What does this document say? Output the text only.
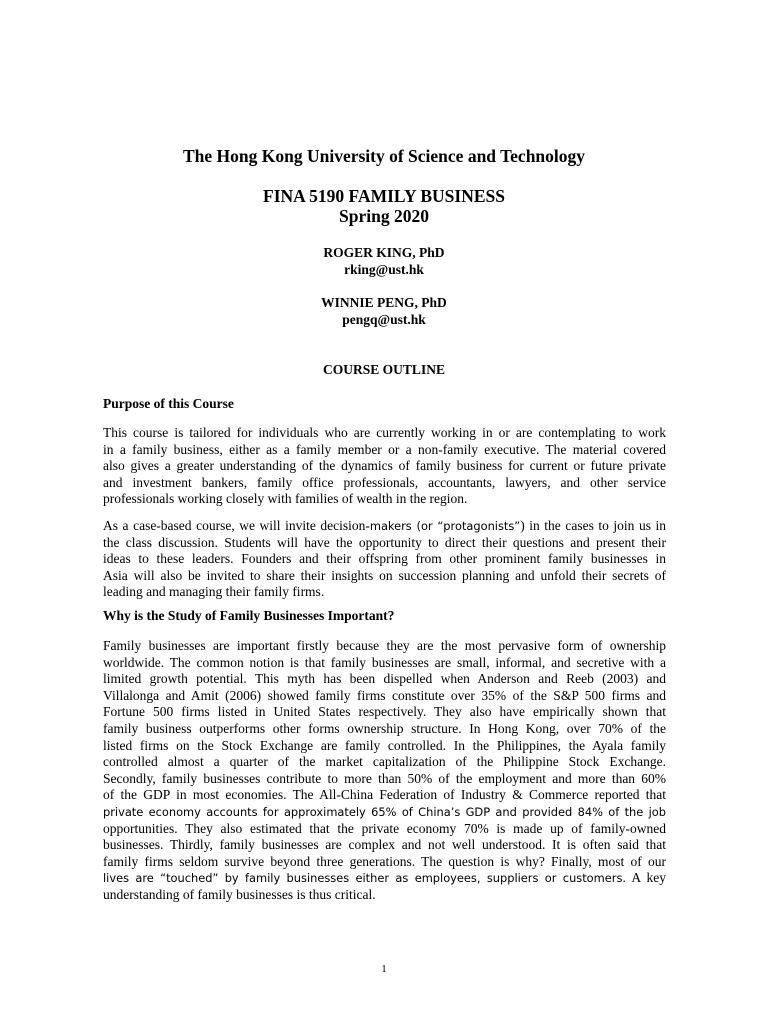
The Hong Kong University of Science and Technology
FINA 5190 FAMILY BUSINESS
Spring 2020
ROGER KING, PhD
rking@ust.hk
WINNIE PENG, PhD
pengq@ust.hk
COURSE OUTLINE
Purpose of this Course
This course is tailored for individuals who are currently working in or are contemplating to work
in a family business, either as a family member or a non-family executive. The material covered
also gives a greater understanding of the dynamics of family business for current or future private
and investment bankers, family office professionals, accountants, lawyers, and other service
professionals working closely with families of wealth in the region.
As a case-based course, we will invite decision-makers (or “protagonists”) in the cases to join us in
the class discussion. Students will have the opportunity to direct their questions and present their
ideas to these leaders. Founders and their offspring from other prominent family businesses in
Asia will also be invited to share their insights on succession planning and unfold their secrets of
leading and managing their family firms.
Why is the Study of Family Businesses Important?
Family businesses are important firstly because they are the most pervasive form of ownership
worldwide. The common notion is that family businesses are small, informal, and secretive with a
limited growth potential. This myth has been dispelled when Anderson and Reeb (2003) and
Villalonga and Amit (2006) showed family firms constitute over 35% of the S&P 500 firms and
Fortune 500 firms listed in United States respectively. They also have empirically shown that
family business outperforms other forms ownership structure. In Hong Kong, over 70% of the
listed firms on the Stock Exchange are family controlled. In the Philippines, the Ayala family
controlled almost a quarter of the market capitalization of the Philippine Stock Exchange.
Secondly, family businesses contribute to more than 50% of the employment and more than 60%
of the GDP in most economies. The All-China Federation of Industry & Commerce reported that
private economy accounts for approximately 65% of China’s GDP and provided 84% of the job
opportunities. They also estimated that the private economy 70% is made up of family-owned
businesses. Thirdly, family businesses are complex and not well understood. It is often said that
family firms seldom survive beyond three generations. The question is why? Finally, most of our
lives are “touched” by family businesses either as employees, suppliers or customers. A key
understanding of family businesses is thus critical.
1
